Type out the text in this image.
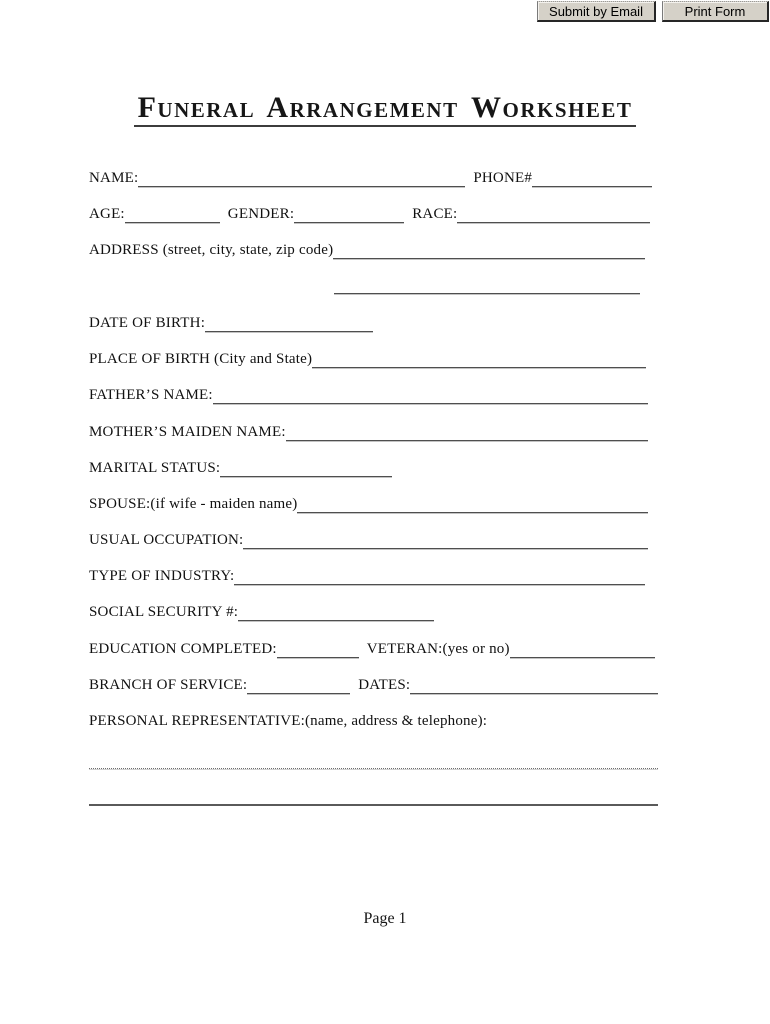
Submit by Email	Print Form
Funeral Arrangement Worksheet
NAME:	PHONE#
AGE:	GENDER:	RACE:
ADDRESS (street, city, state, zip code)
DATE OF BIRTH:
PLACE OF BIRTH (City and State)
FATHER’S NAME:
MOTHER’S MAIDEN NAME:
MARITAL STATUS:
SPOUSE:(if wife - maiden name)
USUAL OCCUPATION:
TYPE OF INDUSTRY:
SOCIAL SECURITY #:
EDUCATION COMPLETED:	VETERAN:(yes or no)
BRANCH OF SERVICE:	DATES:
PERSONAL REPRESENTATIVE:(name, address & telephone):
Page 1
